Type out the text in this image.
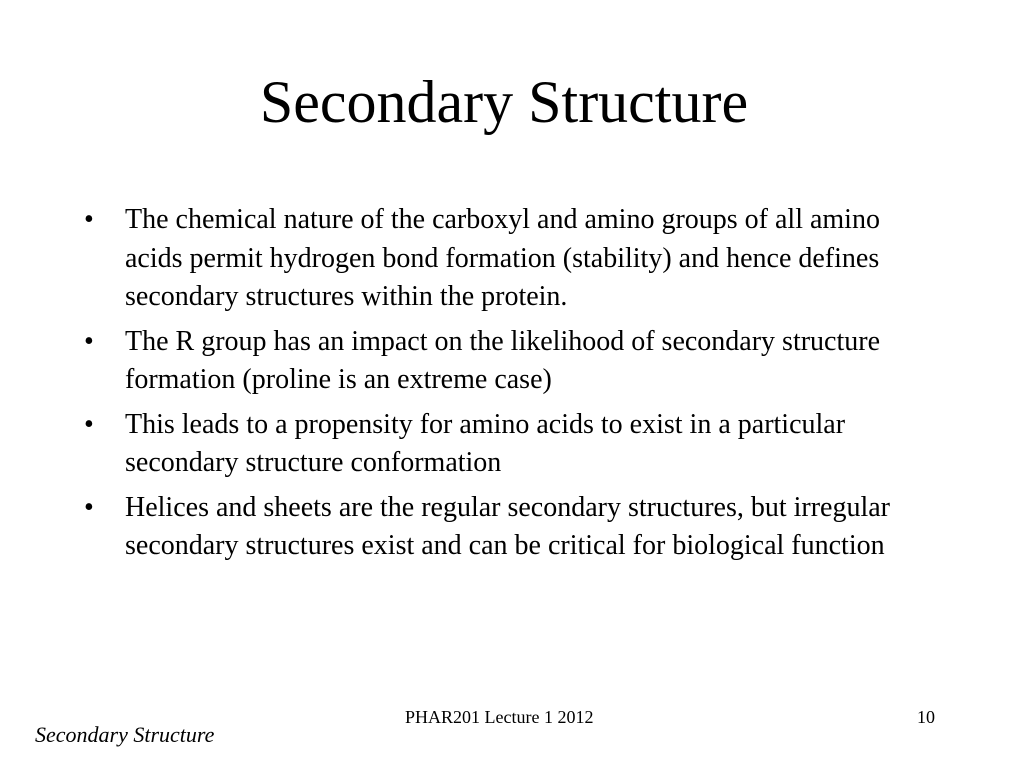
Secondary Structure
• The chemical nature of the carboxyl and amino groups of all amino acids permit hydrogen bond formation (stability) and hence defines secondary structures within the protein.
• The R group has an impact on the likelihood of secondary structure formation (proline is an extreme case)
• This leads to a propensity for amino acids to exist in a particular secondary structure conformation
• Helices and sheets are the regular secondary structures, but irregular secondary structures exist and can be critical for biological function
PHAR201 Lecture 1 2012	10
Secondary Structure
